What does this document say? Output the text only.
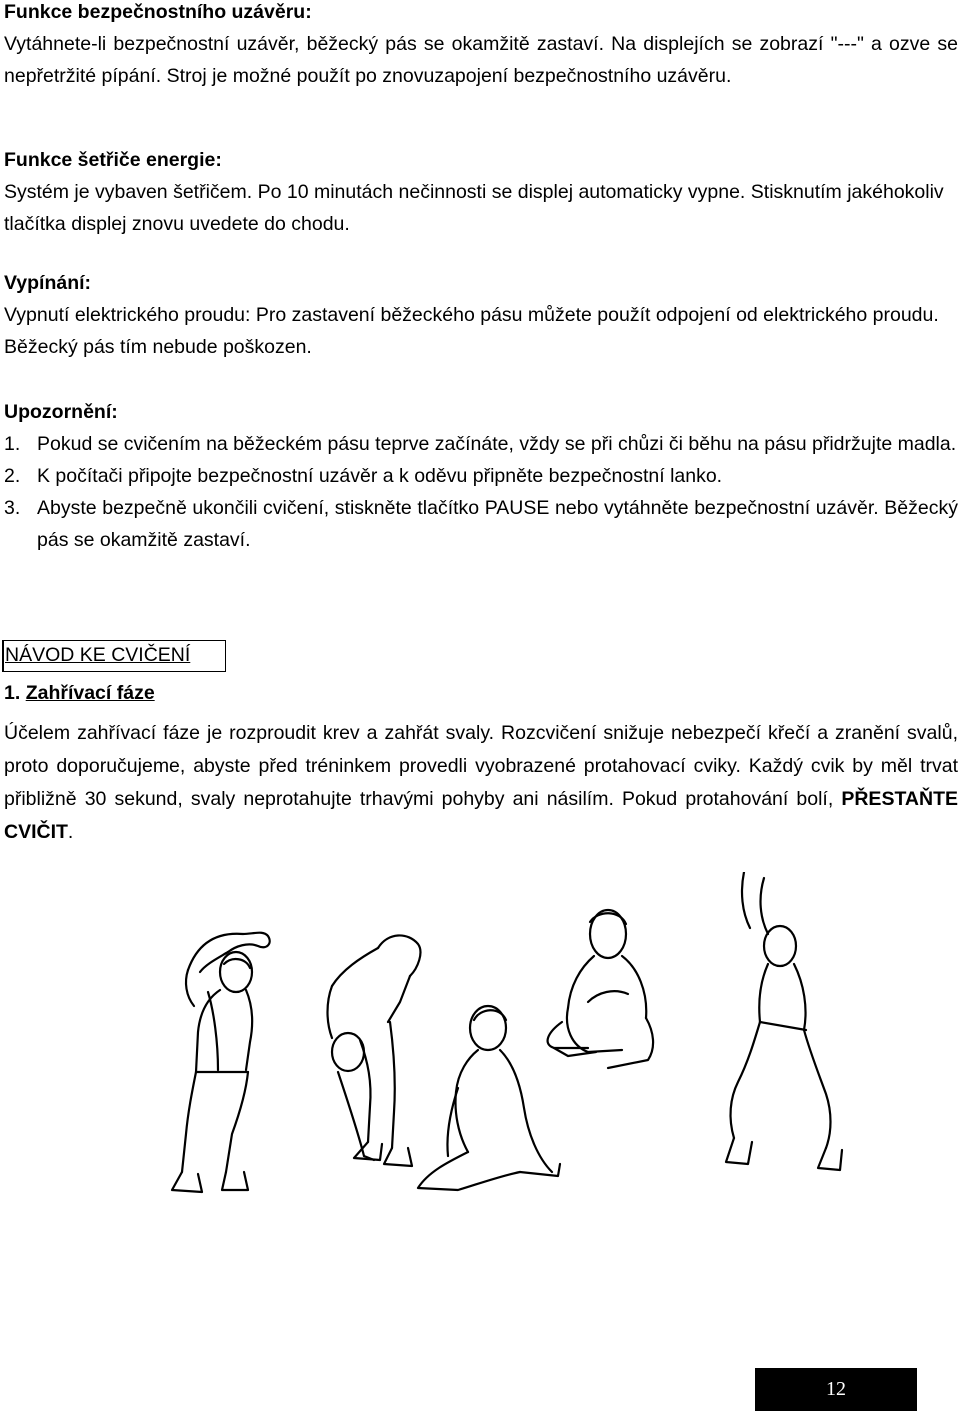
Funkce bezpečnostního uzávěru:

Vytáhnete-li bezpečnostní uzávěr, běžecký pás se okamžitě zastaví. Na displejích se zobrazí "---" a ozve se nepřetržité pípání. Stroj je možné použít po znovuzapojení bezpečnostního uzávěru.

Funkce šetřiče energie:

Systém je vybaven šetřičem. Po 10 minutách nečinnosti se displej automaticky vypne. Stisknutím jakéhokoliv tlačítka displej znovu uvedete do chodu.

Vypínání:

Vypnutí elektrického proudu: Pro zastavení běžeckého pásu můžete použít odpojení od elektrického proudu. Běžecký pás tím nebude poškozen.

Upozornění:
1. Pokud se cvičením na běžeckém pásu teprve začínáte, vždy se při chůzi či běhu na pásu přidržujte madla.
2. K počítači připojte bezpečnostní uzávěr a k oděvu připněte bezpečnostní lanko.
3. Abyste bezpečně ukončili cvičení, stiskněte tlačítko PAUSE nebo vytáhněte bezpečnostní uzávěr. Běžecký pás se okamžitě zastaví.
NÁVOD KE CVIČENÍ
1. Zahřívací fáze
Účelem zahřívací fáze je rozproudit krev a zahřát svaly. Rozcvičení snižuje nebezpečí křečí a zranění svalů, proto doporučujeme, abyste před tréninkem provedli vyobrazené protahovací cviky. Každý cvik by měl trvat přibližně 30 sekund, svaly neprotahujte trhavými pohyby ani násilím. Pokud protahování bolí, PŘESTAŇTE CVIČIT.
12
